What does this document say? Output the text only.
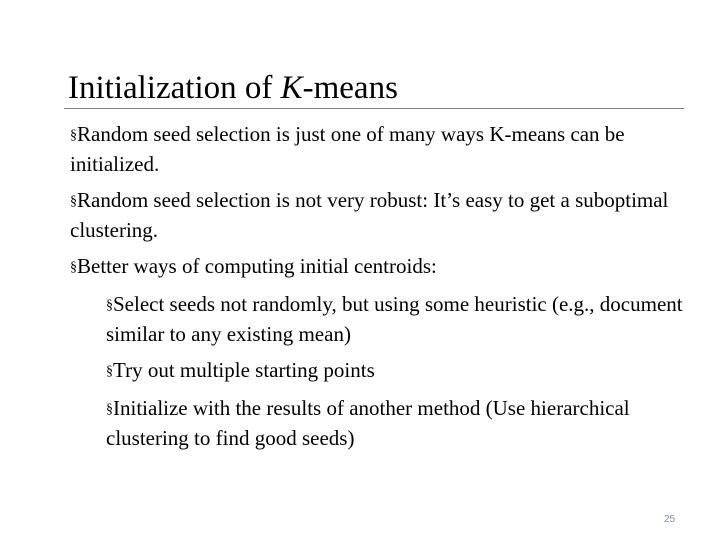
Initialization of K-means

§Random seed selection is just one of many ways K-means can be initialized.

§Random seed selection is not very robust: It’s easy to get a suboptimal clustering.

§Better ways of computing initial centroids:

§Select seeds not randomly, but using some heuristic (e.g., document similar to any existing mean)

§Try out multiple starting points

§Initialize with the results of another method (Use hierarchical clustering to find good seeds)

25
